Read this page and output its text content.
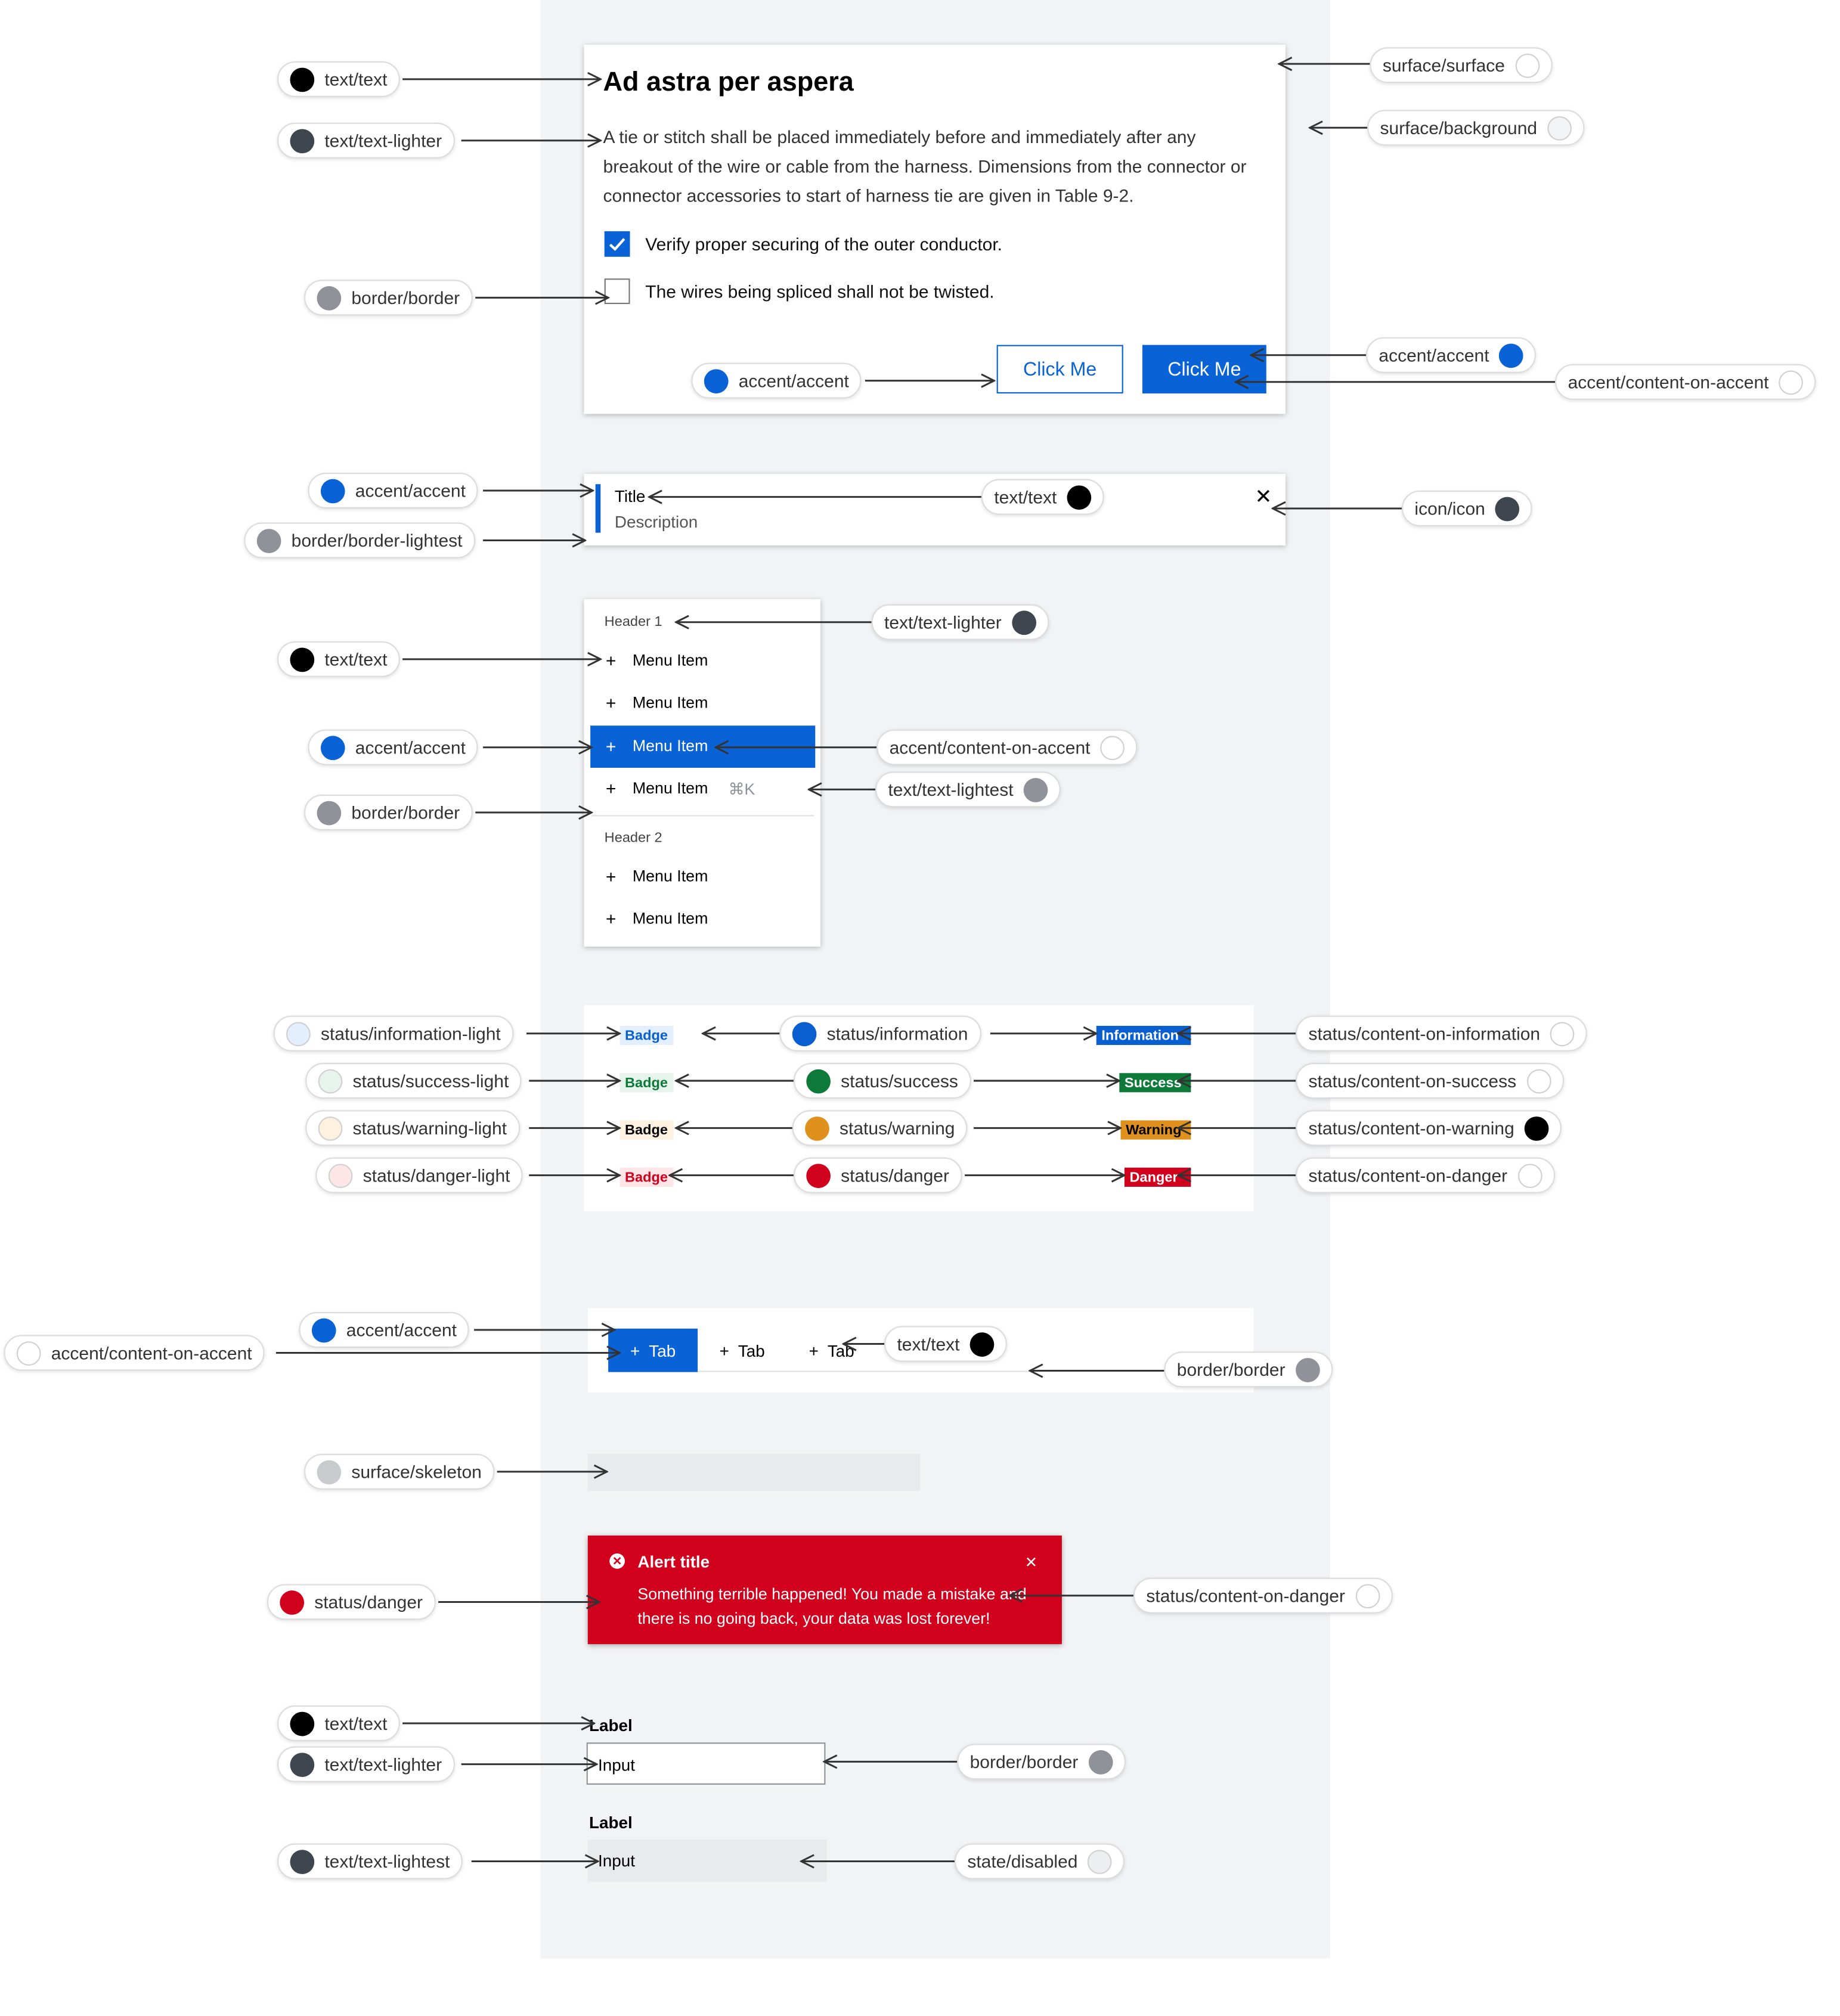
Ad astra per aspera
A tie or stitch shall be placed immediately before and immediately after any breakout of the wire or cable from the harness. Dimensions from the connector or connector accessories to start of harness tie are given in Table 9-2.
Verify proper securing of the outer conductor.
The wires being spliced shall not be twisted.
Click Me	Click Me
Title
Description
✕
Header 1
+ Menu Item
+ Menu Item
+ Menu Item
+ Menu Item	⌘K
Header 2
+ Menu Item
+ Menu Item
Badge
Badge
Badge
Badge
Information
Success
Warning
Danger
+ Tab	+ Tab	+ Tab
✕	Alert title	✕
Something terrible happened! You made a mistake and
there is no going back, your data was lost forever!
Label
Input
Label
Input
text/text
text/text-lighter
border/border
accent/accent
accent/accent
border/border-lightest
text/text
accent/accent
border/border
status/information-light
status/success-light
status/warning-light
status/danger-light
status/information
status/success
status/warning
status/danger
accent/accent
accent/content-on-accent
surface/skeleton
status/danger
text/text
text/text-lighter
text/text-lightest
surface/surface
surface/background
accent/accent
accent/content-on-accent
text/text
icon/icon
text/text-lighter
accent/content-on-accent
text/text-lightest
status/content-on-information
status/content-on-success
status/content-on-warning
status/content-on-danger
text/text
border/border
status/content-on-danger
border/border
state/disabled
